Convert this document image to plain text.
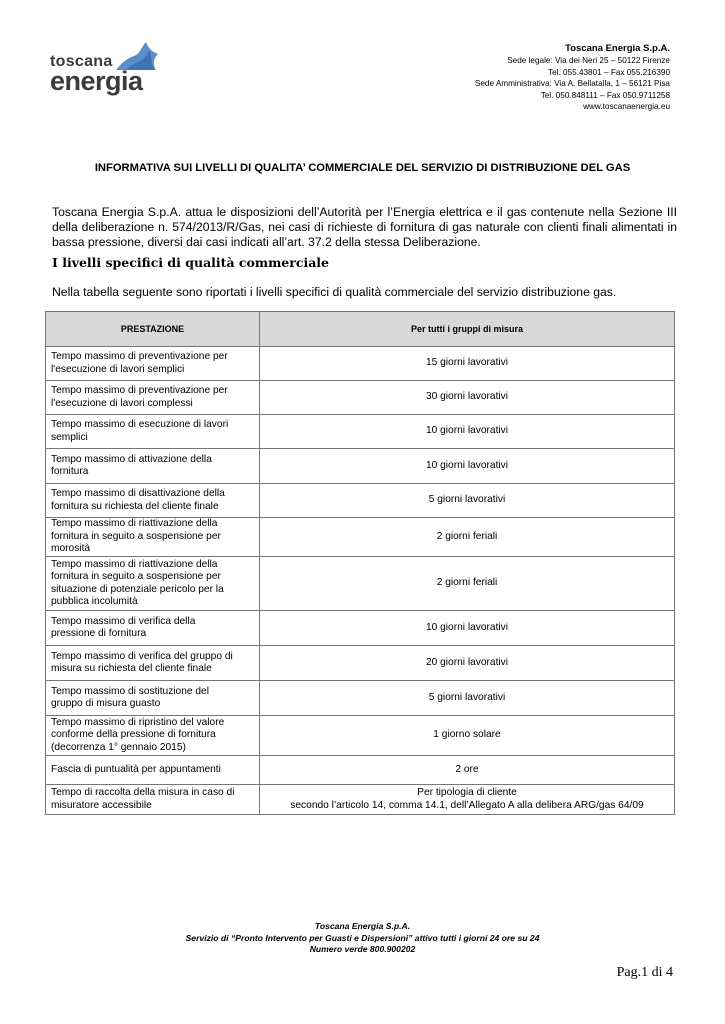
toscana
energia
Toscana Energia S.p.A.
Sede legale: Via dei Neri 25 – 50122 Firenze
Tel. 055.43801 – Fax 055.216390
Sede Amministrativa: Via A. Bellatalla, 1 – 56121 Pisa
Tel. 050.848111 – Fax 050.9711258
www.toscanaenergia.eu
INFORMATIVA SUI LIVELLI DI QUALITA’ COMMERCIALE DEL SERVIZIO DI DISTRIBUZIONE DEL GAS
Toscana Energia S.p.A. attua le disposizioni dell’Autorità per l’Energia elettrica e il gas contenute nella Sezione III della deliberazione n. 574/2013/R/Gas, nei casi di richieste di fornitura di gas naturale con clienti finali alimentati in bassa pressione, diversi dai casi indicati all’art. 37.2 della stessa Deliberazione.
I livelli specifici di qualità commerciale
Nella tabella seguente sono riportati i livelli specifici di qualità commerciale del servizio distribuzione gas.
PRESTAZIONE	Per tutti i gruppi di misura

Tempo massimo di preventivazione per
l'esecuzione di lavori semplici	15 giorni lavorativi

Tempo massimo di preventivazione per
l'esecuzione di lavori complessi	30 giorni lavorativi

Tempo massimo di esecuzione di lavori
semplici	10 giorni lavorativi

Tempo massimo di attivazione della
fornitura	10 giorni lavorativi

Tempo massimo di disattivazione della
fornitura su richiesta del cliente finale	5 giorni lavorativi

Tempo massimo di riattivazione della
fornitura in seguito a sospensione per
morosità	2 giorni feriali

Tempo massimo di riattivazione della
fornitura in seguito a sospensione per
situazione di potenziale pericolo per la
pubblica incolumità	2 giorni feriali

Tempo massimo di verifica della
pressione di fornitura	10 giorni lavorativi

Tempo massimo di verifica del gruppo di
misura su richiesta del cliente finale	20 giorni lavorativi

Tempo massimo di sostituzione del
gruppo di misura guasto	5 giorni lavorativi

Tempo massimo di ripristino del valore
conforme della pressione di fornitura
(decorrenza 1° gennaio 2015)	1 giorno solare

Fascia di puntualità per appuntamenti	2 ore

Tempo di raccolta della misura in caso di
misuratore accessibile	Per tipologia di cliente
secondo l’articolo 14, comma 14.1, dell’Allegato A alla delibera ARG/gas 64/09
Toscana Energia S.p.A.
Servizio di “Pronto Intervento per Guasti e Dispersioni” attivo tutti i giorni 24 ore su 24
Numero verde 800.900202
Pag.1 di 4
